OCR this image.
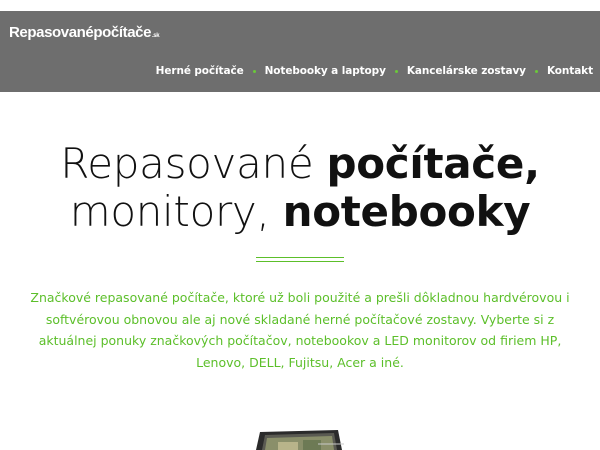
Repasovanépočítače.sk
Herné počítače Notebooky a laptopy Kancelárske zostavy Kontakt
Repasované počítače,
monitory, notebooky

Značkové repasované počítače, ktoré už boli použité a prešli dôkladnou hardvérovou i softvérovou obnovou ale aj nové skladané herné počítačové zostavy. Vyberte si z aktuálnej ponuky značkových počítačov, notebookov a LED monitorov od firiem HP, Lenovo, DELL, Fujitsu, Acer a iné.
